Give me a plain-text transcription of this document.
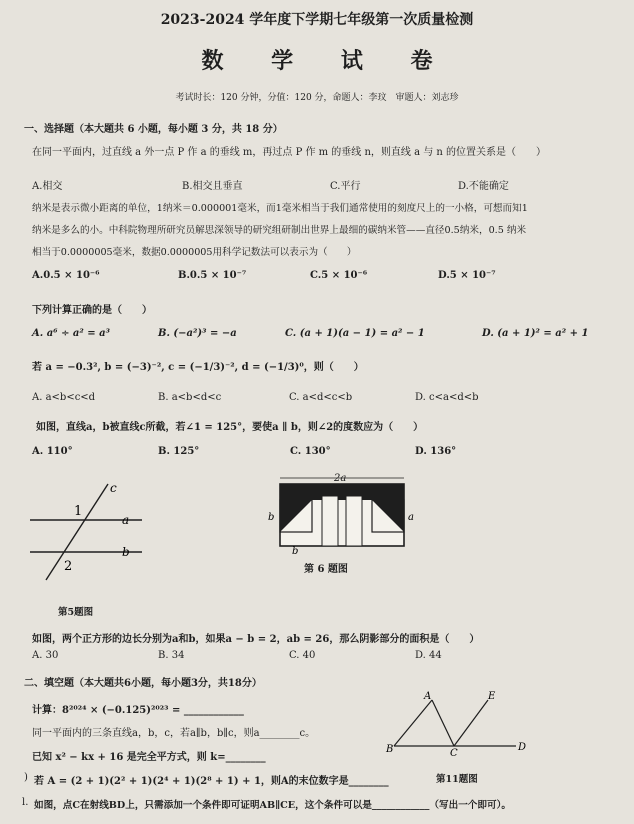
2023-2024 学年度下学期七年级第一次质量检测
数 学 试 卷
考试时长：120 分钟，分值：120 分，命题人：李玟　审题人：刘志珍
一、选择题（本大题共 6 小题，每小题 3 分，共 18 分）
在同一平面内，过直线 a 外一点 P 作 a 的垂线 m，再过点 P 作 m 的垂线 n，则直线 a 与 n 的位置关系是（　　）
A.相交	B.相交且垂直	C.平行	D.不能确定
纳米是表示微小距离的单位，1纳米＝0.000001毫米，而1毫米相当于我们通常使用的刻度尺上的一小格，可想而知1
纳米是多么的小。中科院物理所研究员解思深领导的研究组研制出世界上最细的碳纳米管——直径0.5纳米，0.5 纳米
相当于0.0000005毫米，数据0.0000005用科学记数法可以表示为（　　）
A.0.5 × 10⁻⁶	B.0.5 × 10⁻⁷	C.5 × 10⁻⁶	D.5 × 10⁻⁷
下列计算正确的是（　　）
A. a⁶ ÷ a² = a³	B. (−a²)³ = −a	C. (a + 1)(a − 1) = a² − 1	D. (a + 1)² = a² + 1
若 a = −0.3², b = (−3)⁻², c = (−1/3)⁻², d = (−1/3)⁰，则（　　）
A. a<b<c<d	B. a<b<d<c	C. a<d<c<b	D. c<a<d<b
如图，直线a，b被直线c所截，若∠1 = 125°，要使a ∥ b，则∠2的度数应为（　　）
A. 110°	B. 125°	C. 130°	D. 136°
c
a
b
1
2
第5题图
2a
a
b
b
第 6 题图
如图，两个正方形的边长分别为a和b，如果a − b = 2，ab = 26，那么阴影部分的面积是（　　）
A. 30	B. 34	C. 40	D. 44
二、填空题（本大题共6小题，每小题3分，共18分）
计算：8²⁰²⁴ × (−0.125)²⁰²³ = ____________
同一平面内的三条直线a，b，c，若a∥b，b∥c，则a________c。
已知 x² − kx + 16 是完全平方式，则 k=________
) 若 A = (2 + 1)(2² + 1)(2⁴ + 1)(2⁸ + 1) + 1，则A的末位数字是________
l. 如图，点C在射线BD上，只需添加一个条件即可证明AB∥CE，这个条件可以是____________（写出一个即可）。
A	E
B	C
D
第11题图
